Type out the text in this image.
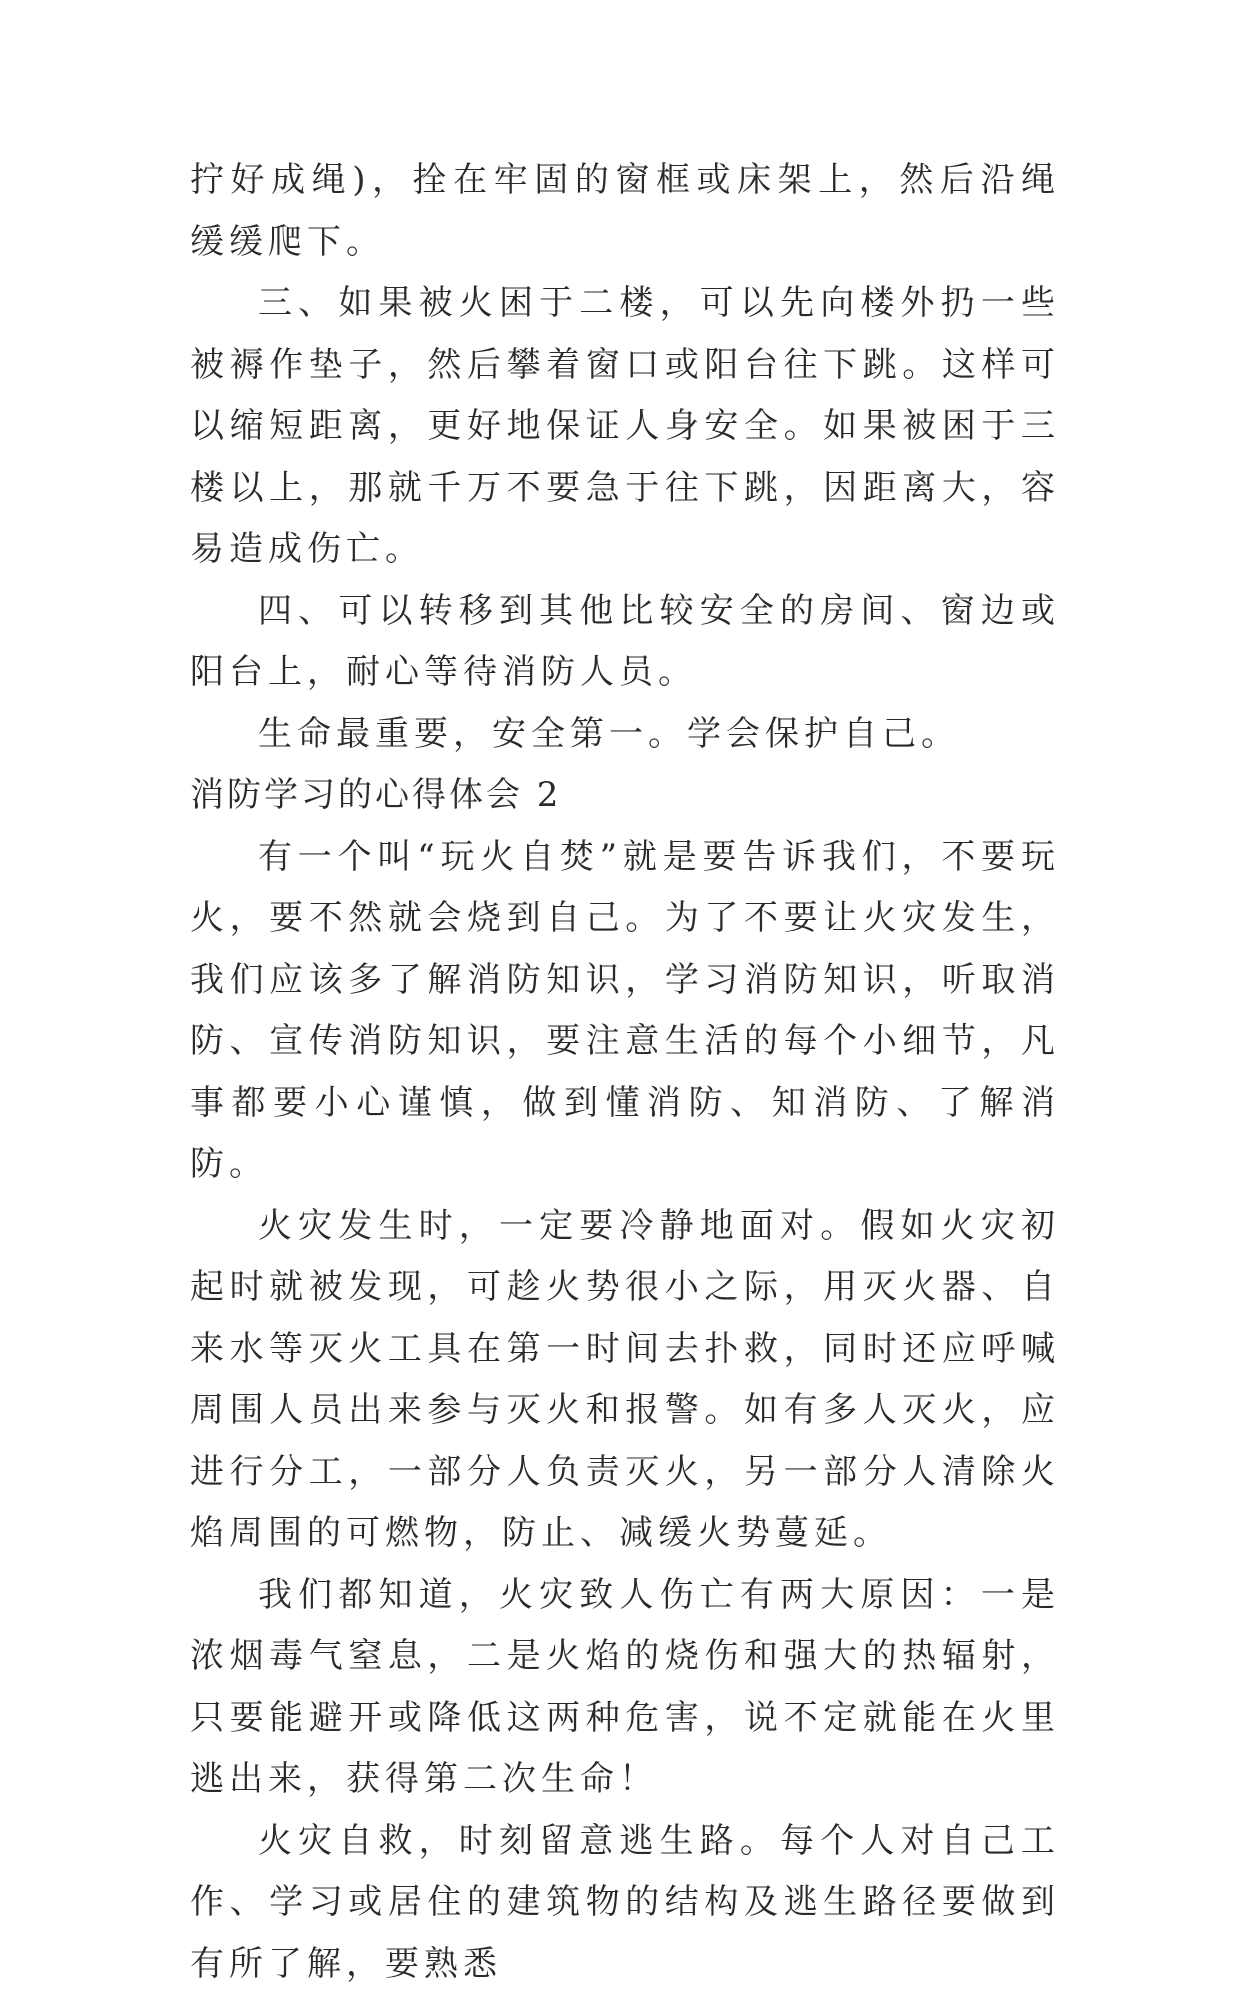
拧好成绳)，拴在牢固的窗框或床架上，然后沿绳缓缓爬下。

三、如果被火困于二楼，可以先向楼外扔一些被褥作垫子，然后攀着窗口或阳台往下跳。这样可以缩短距离，更好地保证人身安全。如果被困于三楼以上，那就千万不要急于往下跳，因距离大，容易造成伤亡。

四、可以转移到其他比较安全的房间、窗边或阳台上，耐心等待消防人员。

生命最重要，安全第一。学会保护自己。

消防学习的心得体会 2

有一个叫“玩火自焚”就是要告诉我们，不要玩火，要不然就会烧到自己。为了不要让火灾发生，我们应该多了解消防知识，学习消防知识，听取消防、宣传消防知识，要注意生活的每个小细节，凡事都要小心谨慎，做到懂消防、知消防、了解消防。

火灾发生时，一定要冷静地面对。假如火灾初起时就被发现，可趁火势很小之际，用灭火器、自来水等灭火工具在第一时间去扑救，同时还应呼喊周围人员出来参与灭火和报警。如有多人灭火，应进行分工，一部分人负责灭火，另一部分人清除火焰周围的可燃物，防止、减缓火势蔓延。

我们都知道，火灾致人伤亡有两大原因：一是浓烟毒气窒息，二是火焰的烧伤和强大的热辐射，只要能避开或降低这两种危害，说不定就能在火里逃出来，获得第二次生命！

火灾自救，时刻留意逃生路。每个人对自己工作、学习或居住的建筑物的结构及逃生路径要做到有所了解，要熟悉
